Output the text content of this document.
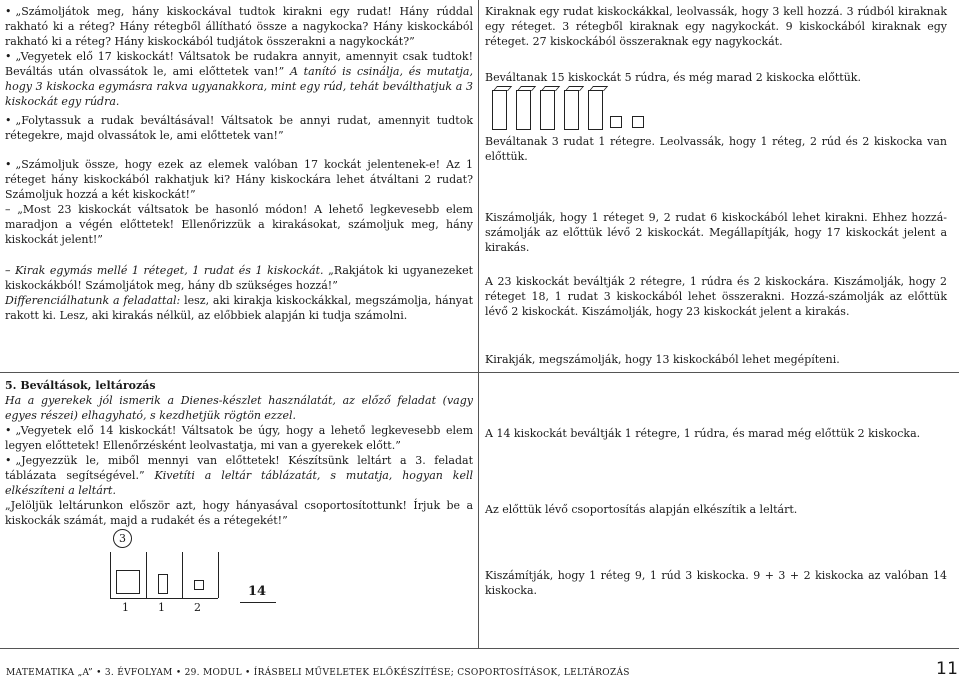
• „Számoljátok meg, hány kiskockával tudtok kirakni egy rudat! Hány rúddal rakható ki a réteg? Hány rétegből állítható össze a nagykocka? Hány kiskockából rakható ki a réteg? Hány kiskockából tudjátok összerakni a nagykockát?”

• „Vegyetek elő 17 kiskockát! Váltsatok be rudakra annyit, amennyit csak tudtok! Beváltás után olvassátok le, ami előttetek van!” A tanító is csinálja, és mutatja, hogy 3 kiskocka egymásra rakva ugyanakkora, mint egy rúd, tehát beválthatjuk a 3 kiskockát egy rúdra.

• „Folytassuk a rudak beváltásával! Váltsatok be annyi rudat, amennyit tudtok rétegekre, majd olvassátok le, ami előttetek van!”

• „Számoljuk össze, hogy ezek az elemek valóban 17 kockát jelentenek-e! Az 1 réteget hány kiskockából rakhatjuk ki? Hány kiskockára lehet átváltani 2 rudat? Számoljuk hozzá a két kiskockát!”

– „Most 23 kiskockát váltsatok be hasonló módon! A lehető legkevesebb elem maradjon a végén előttetek! Ellenőrizzük a kirakásokat, számoljuk meg, hány kiskockát jelent!”

– Kirak egymás mellé 1 réteget, 1 rudat és 1 kiskockát. „Rakjátok ki ugyanezeket kiskockákból! Számoljátok meg, hány db szükséges hozzá!”

Differenciálhatunk a feladattal: lesz, aki kirakja kiskockákkal, megszámolja, hányat rakott ki. Lesz, aki kirakás nélkül, az előbbiek alapján ki tudja számolni.

5. Beváltások, leltározás

Ha a gyerekek jól ismerik a Dienes-készlet használatát, az előző feladat (vagy egyes részei) elhagyható, s kezdhetjük rögtön ezzel.

• „Vegyetek elő 14 kiskockát! Váltsatok be úgy, hogy a lehető legkevesebb elem legyen előttetek! Ellenőrzésként leolvastatja, mi van a gyerekek előtt.”

• „Jegyezzük le, miből mennyi van előttetek! Készítsünk leltárt a 3. feladat táblázata segítségével.” Kivetíti a leltár táblázatát, s mutatja, hogyan kell elkészíteni a leltárt.

„Jelöljük leltárunkon először azt, hogy hányasával csoportosítottunk! Írjuk be a kiskockák számát, majd a rudakét és a rétegekét!”

3
1	1	2
14

Kiraknak egy rudat kiskockákkal, leolvassák, hogy 3 kell hozzá. 3 rúdból kiraknak egy réteget. 3 rétegből kiraknak egy nagykockát. 9 kiskockából kiraknak egy réteget. 27 kiskockából összeraknak egy nagykockát.

Beváltanak 15 kiskockát 5 rúdra, és még marad 2 kiskocka előttük.

Beváltanak 3 rudat 1 rétegre. Leolvassák, hogy 1 réteg, 2 rúd és 2 kiskocka van előttük.

Kiszámolják, hogy 1 réteget 9, 2 rudat 6 kiskockából lehet kirakni. Ehhez hozzá-számolják az előttük lévő 2 kiskockát. Megállapítják, hogy 17 kiskockát jelent a kirakás.

A 23 kiskockát beváltják 2 rétegre, 1 rúdra és 2 kiskockára. Kiszámolják, hogy 2 réteget 18, 1 rudat 3 kiskockából lehet összerakni. Hozzá-számolják az előttük lévő 2 kiskockát. Kiszámolják, hogy 23 kiskockát jelent a kirakás.

Kirakják, megszámolják, hogy 13 kiskockából lehet megépíteni.

A 14 kiskockát beváltják 1 rétegre, 1 rúdra, és marad még előttük 2 kiskocka.

Az előttük lévő csoportosítás alapján elkészítik a leltárt.

Kiszámítják, hogy 1 réteg 9, 1 rúd 3 kiskocka. 9 + 3 + 2 kiskocka az valóban 14 kiskocka.

MATEMATIKA „A” • 3. ÉVFOLYAM • 29. MODUL • ÍRÁSBELI MŰVELETEK ELŐKÉSZÍTÉSE; CSOPORTOSÍTÁSOK, LELTÁROZÁS	11
